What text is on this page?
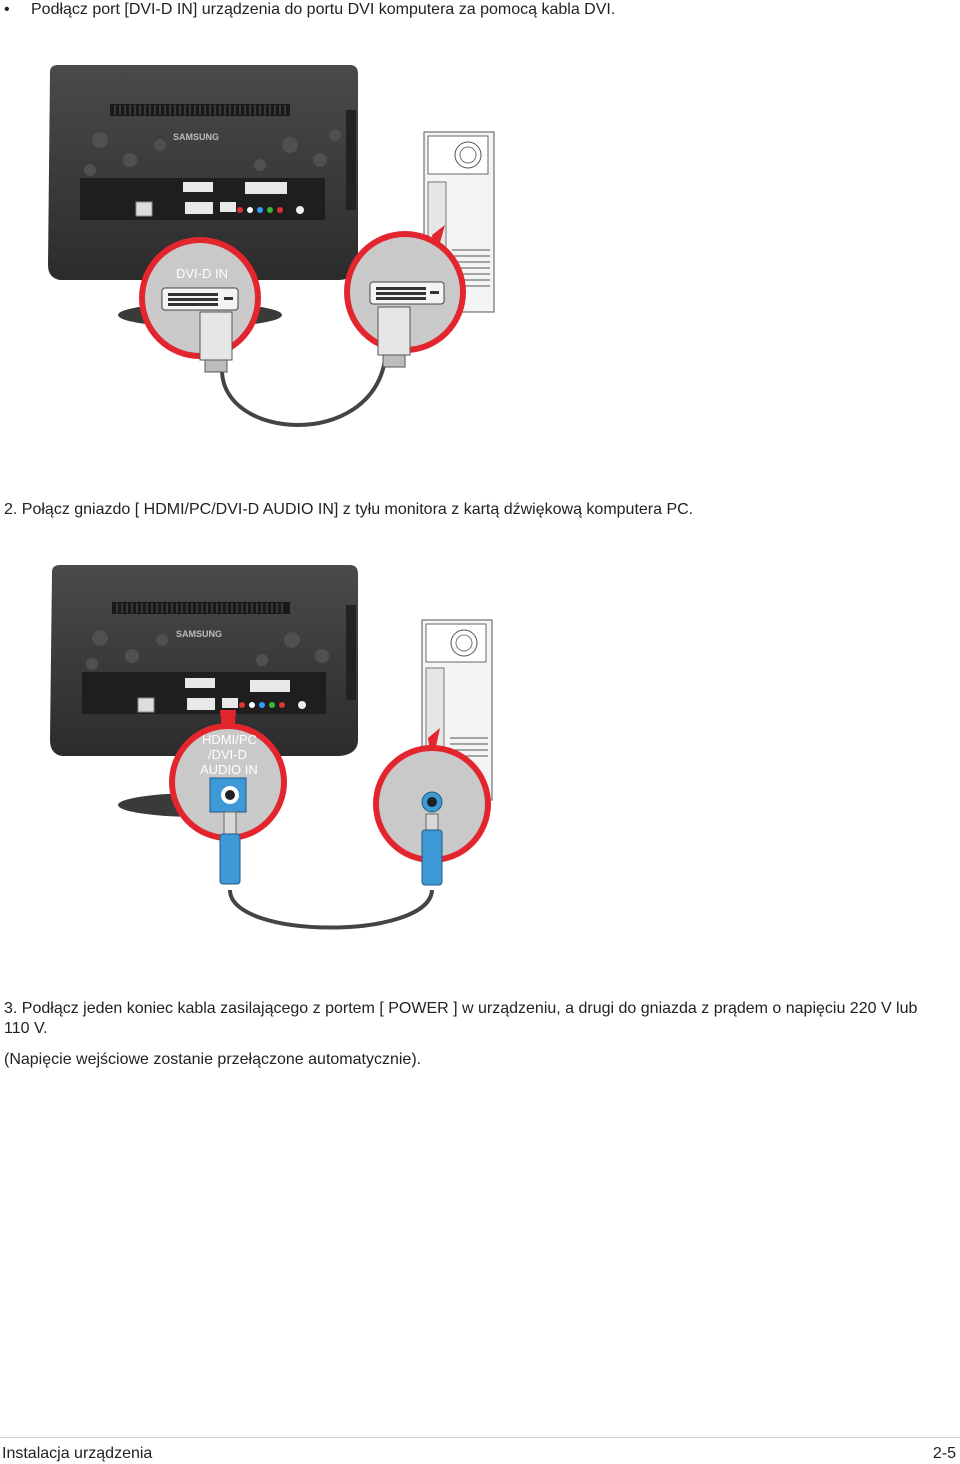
•	Podłącz port [DVI-D IN] urządzenia do portu DVI komputera za pomocą kabla DVI.
SAMSUNG
DVI-D IN

2. Połącz gniazdo [ HDMI/PC/DVI-D AUDIO IN] z tyłu monitora z kartą dźwiękową komputera PC.

SAMSUNG
HDMI/PC
/DVI-D
AUDIO IN

3. Podłącz jeden koniec kabla zasilającego z portem [ POWER ] w urządzeniu, a drugi do gniazda z prądem o napięciu 220 V lub

110 V.

(Napięcie wejściowe zostanie przełączone automatycznie).

Instalacja urządzenia	2-5
